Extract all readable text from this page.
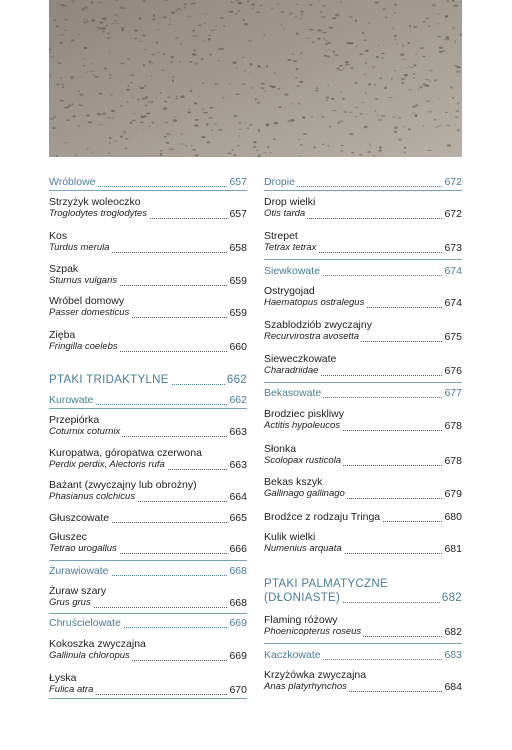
Wróblowe	657
Strzyżyk woleoczko
Troglodytes troglodytes	657
Kos
Turdus merula	658
Szpak
Sturnus vulgaris	659
Wróbel domowy
Passer domesticus	659
Zięba
Fringilla coelebs	660
PTAKI TRIDAKTYLNE	662
Kurowate	662
Przepiórka
Coturnix coturnix	663
Kuropatwa, góropatwa czerwona
Perdix perdix, Alectoris rufa	663
Bażant (zwyczajny lub obrożny)
Phasianus colchicus	664
Głuszcowate	665
Głuszec
Tetrao urogallus	666
Żurawiowate	668
Żuraw szary
Grus grus	668
Chruścielowate	669
Kokoszka zwyczajna
Gallinula chloropus	669
Łyska
Fulica atra	670
Dropie	672
Drop wielki
Otis tarda	672
Strepet
Tetrax tetrax	673
Siewkowate	674
Ostrygojad
Haematopus ostralegus	674
Szablodziób zwyczajny
Recurvirostra avosetta	675
Sieweczkowate
Charadriidae	676
Bekasowate	677
Brodziec piskliwy
Actitis hypoleucos	678
Słonka
Scolopax rusticola	678
Bekas kszyk
Gallinago gallinago	679
Brodźce z rodzaju Tringa	680
Kulik wielki
Numenius arquata	681
PTAKI PALMATYCZNE
(DŁONIASTE)	682
Flaming różowy
Phoenicopterus roseus	682
Kaczkowate	683
Krzyżówka zwyczajna
Anas platyrhynchos	684
